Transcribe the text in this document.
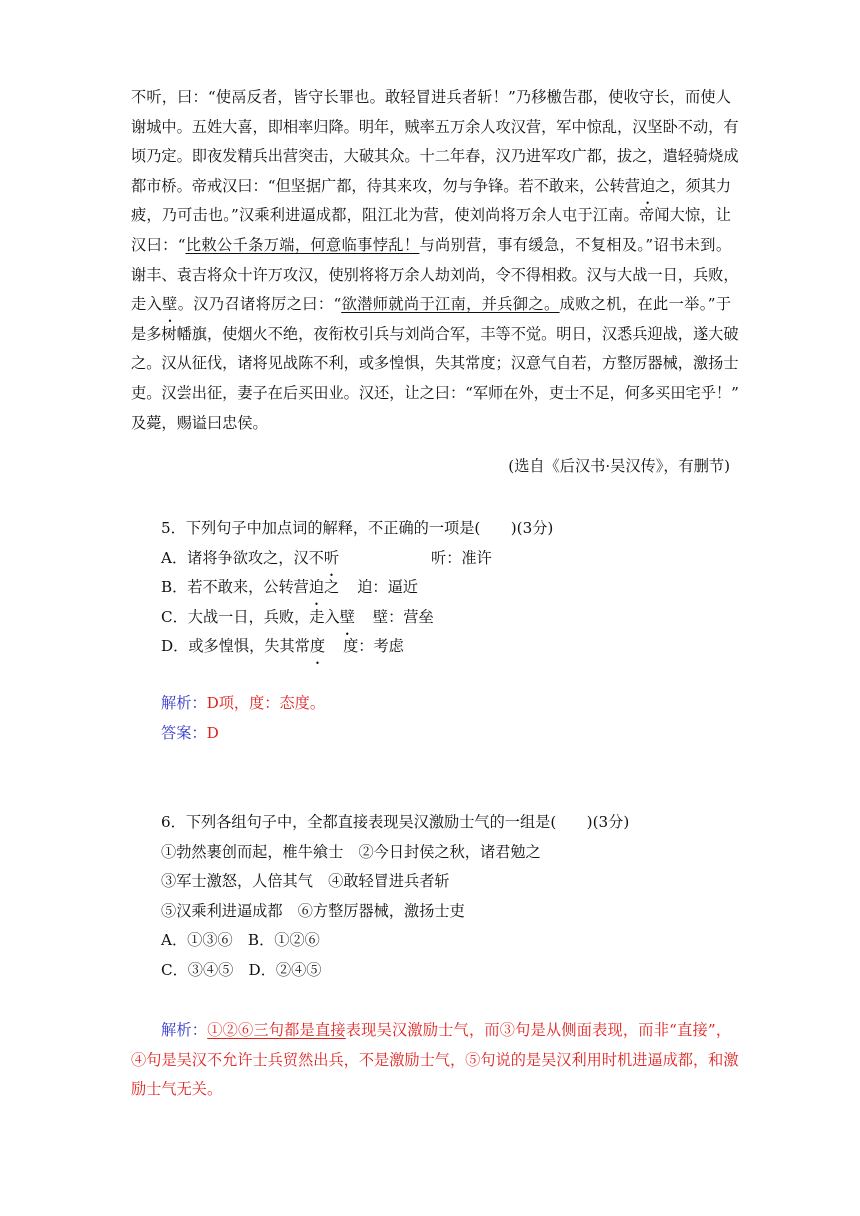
不听，曰：“使鬲反者，皆守长罪也。敢轻冒进兵者斩！”乃移檄告郡，使收守长，而使人
谢城中。五姓大喜，即相率归降。明年，贼率五万余人攻汉营，军中惊乱，汉坚卧不动，有
顷乃定。即夜发精兵出营突击，大破其众。十二年春，汉乃进军攻广都，拔之，遣轻骑烧成
都市桥。帝戒汉曰：“但坚据广都，待其来攻，勿与争锋。若不敢来，公转营迫之，须其力
疲，乃可击也。”汉乘利进逼成都，阻江北为营，使刘尚将万余人屯于江南。帝闻大惊，让
汉曰：“比敕公千条万端，何意临事悖乱！与尚别营，事有缓急，不复相及。”诏书未到。
谢丰、袁吉将众十许万攻汉，使别将将万余人劫刘尚，令不得相救。汉与大战一日，兵败，
走入壁。汉乃召诸将厉之曰：“欲潜师就尚于江南，并兵御之。成败之机，在此一举。”于
是多树幡旗，使烟火不绝，夜衔枚引兵与刘尚合军，丰等不觉。明日，汉悉兵迎战，遂大破
之。汉从征伐，诸将见战陈不利，或多惶惧，失其常度；汉意气自若，方整厉器械，激扬士
吏。汉尝出征，妻子在后买田业。汉还，让之曰：“军师在外，吏士不足，何多买田宅乎！”
及薨，赐谥曰忠侯。
(选自《后汉书·吴汉传》，有删节)
5．下列句子中加点词的解释，不正确的一项是(　　)(3分)
A．诸将争欲攻之，汉不听	听：准许
B．若不敢来，公转营迫之 迫：逼近
C．大战一日，兵败，走入壁 壁：营垒
D．或多惶惧，失其常度 度：考虑
解析：D项，度：态度。
答案：D
6．下列各组句子中，全都直接表现吴汉激励士气的一组是(　　)(3分)
①勃然裹创而起，椎牛飨士　②今日封侯之秋，诸君勉之
③军士激怒，人倍其气　④敢轻冒进兵者斩
⑤汉乘利进逼成都　⑥方整厉器械，激扬士吏
A．①③⑥　B．①②⑥
C．③④⑤　D．②④⑤
解析：①②⑥三句都是直接表现吴汉激励士气，而③句是从侧面表现，而非“直接”，
④句是吴汉不允许士兵贸然出兵，不是激励士气，⑤句说的是吴汉利用时机进逼成都，和激
励士气无关。
